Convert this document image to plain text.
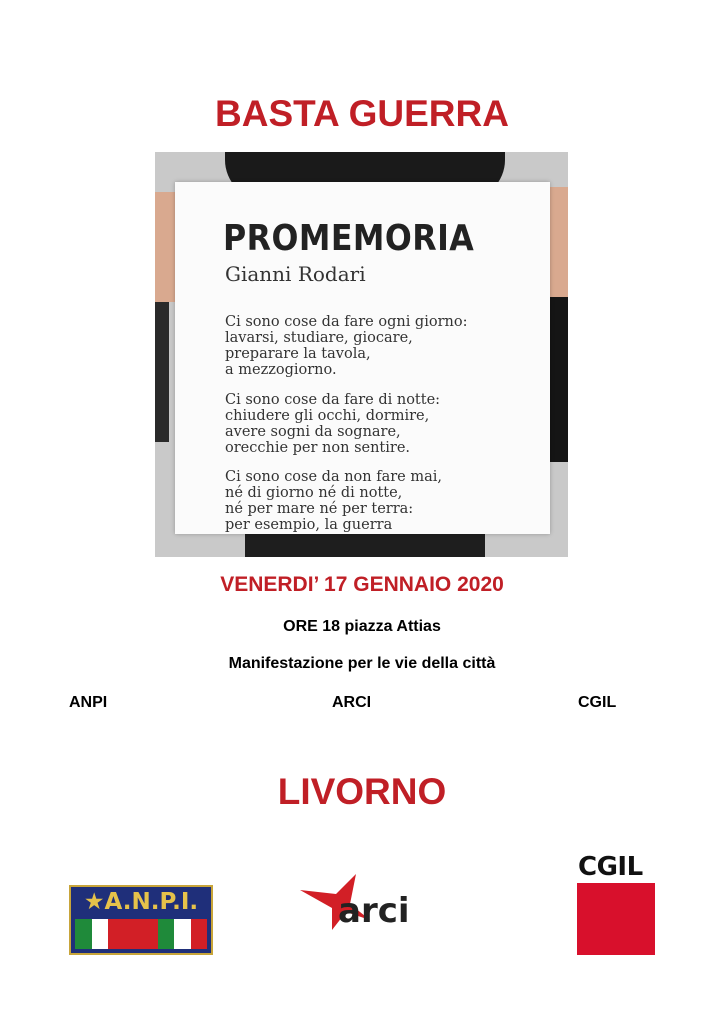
BASTA GUERRA
PROMEMORIA
Gianni Rodari
Ci sono cose da fare ogni giorno:
lavarsi, studiare, giocare,
preparare la tavola,
a mezzogiorno.
Ci sono cose da fare di notte:
chiudere gli occhi, dormire,
avere sogni da sognare,
orecchie per non sentire.
Ci sono cose da non fare mai,
né di giorno né di notte,
né per mare né per terra:
per esempio, la guerra
VENERDI’ 17 GENNAIO 2020
ORE 18 piazza Attias
Manifestazione per le vie della città
ANPI	ARCI	CGIL
LIVORNO
★A.N.P.I.	arci
CGIL
